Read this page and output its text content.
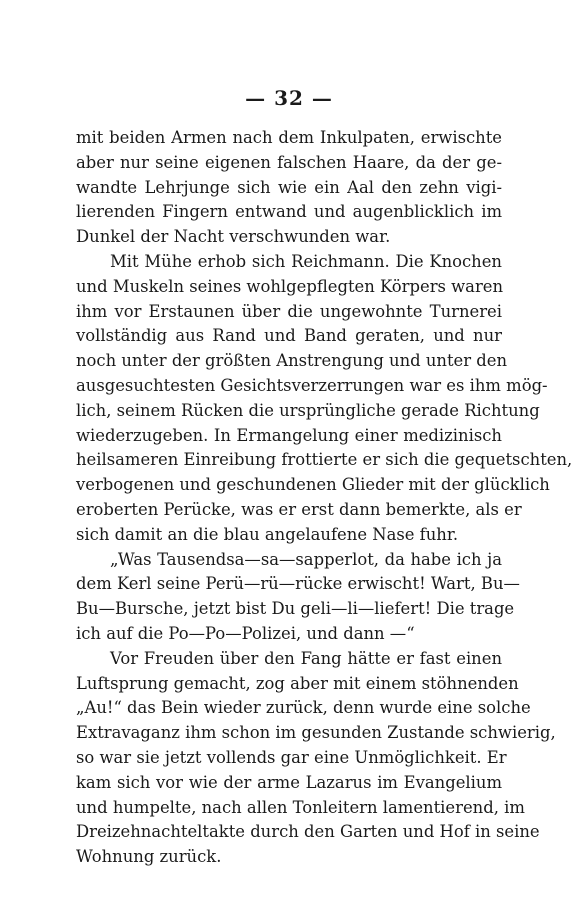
— 32 —
mit beiden Armen nach dem Inkulpaten, erwischte
aber nur seine eigenen falschen Haare, da der ge-
wandte Lehrjunge sich wie ein Aal den zehn vigi-
lierenden Fingern entwand und augenblicklich im
Dunkel der Nacht verschwunden war.
Mit Mühe erhob sich Reichmann. Die Knochen
und Muskeln seines wohlgepflegten Körpers waren
ihm vor Erstaunen über die ungewohnte Turnerei
vollständig aus Rand und Band geraten, und nur
noch unter der größten Anstrengung und unter den
ausgesuchtesten Gesichtsverzerrungen war es ihm mög-
lich, seinem Rücken die ursprüngliche gerade Richtung
wiederzugeben. In Ermangelung einer medizinisch
heilsameren Einreibung frottierte er sich die gequetschten,
verbogenen und geschundenen Glieder mit der glücklich
eroberten Perücke, was er erst dann bemerkte, als er
sich damit an die blau angelaufene Nase fuhr.
„Was Tausendsa—sa—sapperlot, da habe ich ja
dem Kerl seine Perü—rü—rücke erwischt! Wart, Bu—
Bu—Bursche, jetzt bist Du geli—li—liefert! Die trage
ich auf die Po—Po—Polizei, und dann —“
Vor Freuden über den Fang hätte er fast einen
Luftsprung gemacht, zog aber mit einem stöhnenden
„Au!“ das Bein wieder zurück, denn wurde eine solche
Extravaganz ihm schon im gesunden Zustande schwierig,
so war sie jetzt vollends gar eine Unmöglichkeit. Er
kam sich vor wie der arme Lazarus im Evangelium
und humpelte, nach allen Tonleitern lamentierend, im
Dreizehnachteltakte durch den Garten und Hof in seine
Wohnung zurück.
